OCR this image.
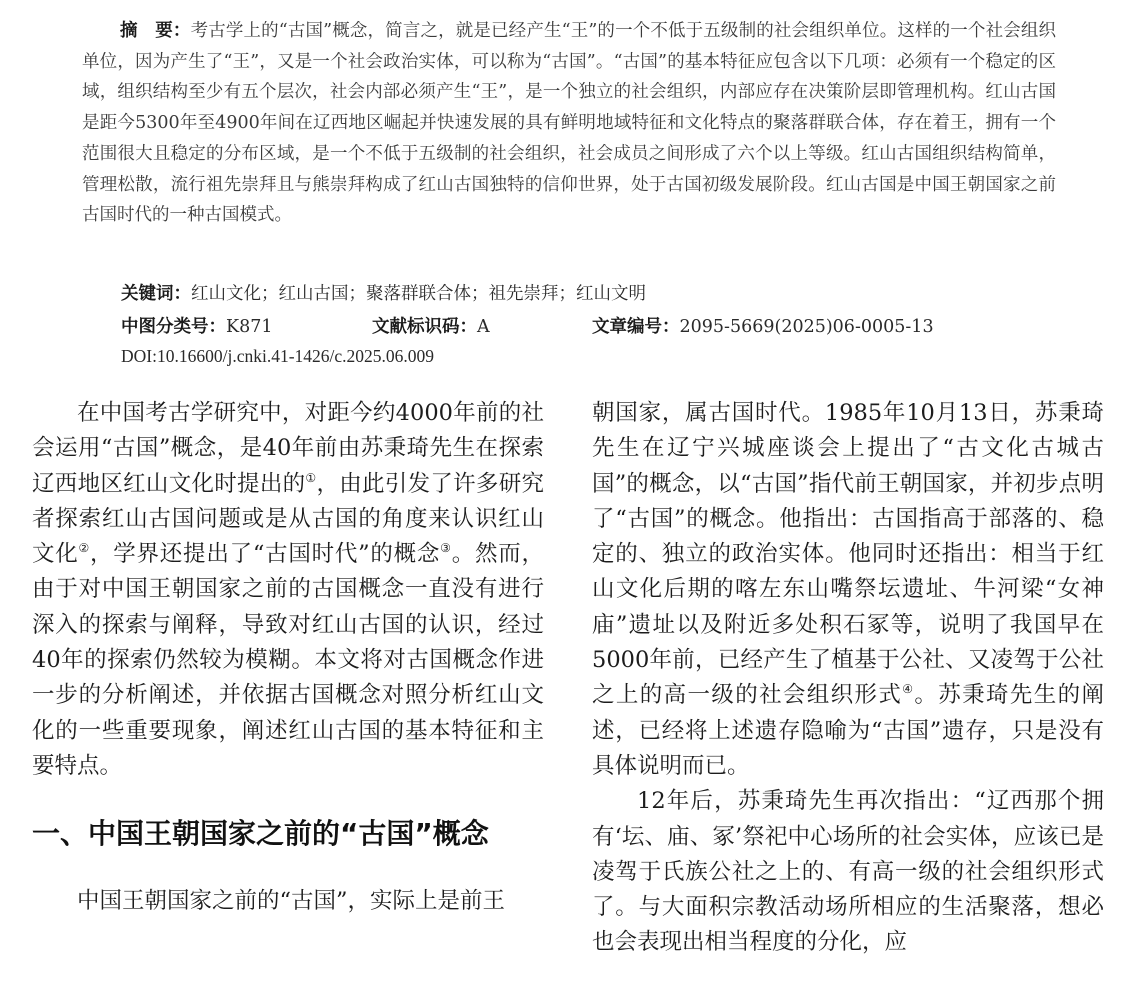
摘　要：考古学上的“古国”概念，简言之，就是已经产生“王”的一个不低于五级制的社会组织单位。这样的一个社会组织单位，因为产生了“王”，又是一个社会政治实体，可以称为“古国”。“古国”的基本特征应包含以下几项：必须有一个稳定的区域，组织结构至少有五个层次，社会内部必须产生“王”，是一个独立的社会组织，内部应存在决策阶层即管理机构。红山古国是距今5300年至4900年间在辽西地区崛起并快速发展的具有鲜明地域特征和文化特点的聚落群联合体，存在着王，拥有一个范围很大且稳定的分布区域，是一个不低于五级制的社会组织，社会成员之间形成了六个以上等级。红山古国组织结构简单，管理松散，流行祖先崇拜且与熊崇拜构成了红山古国独特的信仰世界，处于古国初级发展阶段。红山古国是中国王朝国家之前古国时代的一种古国模式。

关键词：红山文化；红山古国；聚落群联合体；祖先崇拜；红山文明
中图分类号：K871	文献标识码：A	文章编号：2095-5669(2025)06-0005-13
DOI:10.16600/j.cnki.41-1426/c.2025.06.009

在中国考古学研究中，对距今约4000年前的社会运用“古国”概念，是40年前由苏秉琦先生在探索辽西地区红山文化时提出的①，由此引发了许多研究者探索红山古国问题或是从古国的角度来认识红山文化②，学界还提出了“古国时代”的概念③。然而，由于对中国王朝国家之前的古国概念一直没有进行深入的探索与阐释，导致对红山古国的认识，经过40年的探索仍然较为模糊。本文将对古国概念作进一步的分析阐述，并依据古国概念对照分析红山文化的一些重要现象，阐述红山古国的基本特征和主要特点。

一、中国王朝国家之前的“古国”概念

中国王朝国家之前的“古国”，实际上是前王

朝国家，属古国时代。1985年10月13日，苏秉琦先生在辽宁兴城座谈会上提出了“古文化古城古国”的概念，以“古国”指代前王朝国家，并初步点明了“古国”的概念。他指出：古国指高于部落的、稳定的、独立的政治实体。他同时还指出：相当于红山文化后期的喀左东山嘴祭坛遗址、牛河梁“女神庙”遗址以及附近多处积石冢等，说明了我国早在5000年前，已经产生了植基于公社、又凌驾于公社之上的高一级的社会组织形式④。苏秉琦先生的阐述，已经将上述遗存隐喻为“古国”遗存，只是没有具体说明而已。

12年后，苏秉琦先生再次指出：“辽西那个拥有‘坛、庙、冢’祭祀中心场所的社会实体，应该已是凌驾于氏族公社之上的、有高一级的社会组织形式了。与大面积宗教活动场所相应的生活聚落，想必也会表现出相当程度的分化，应
